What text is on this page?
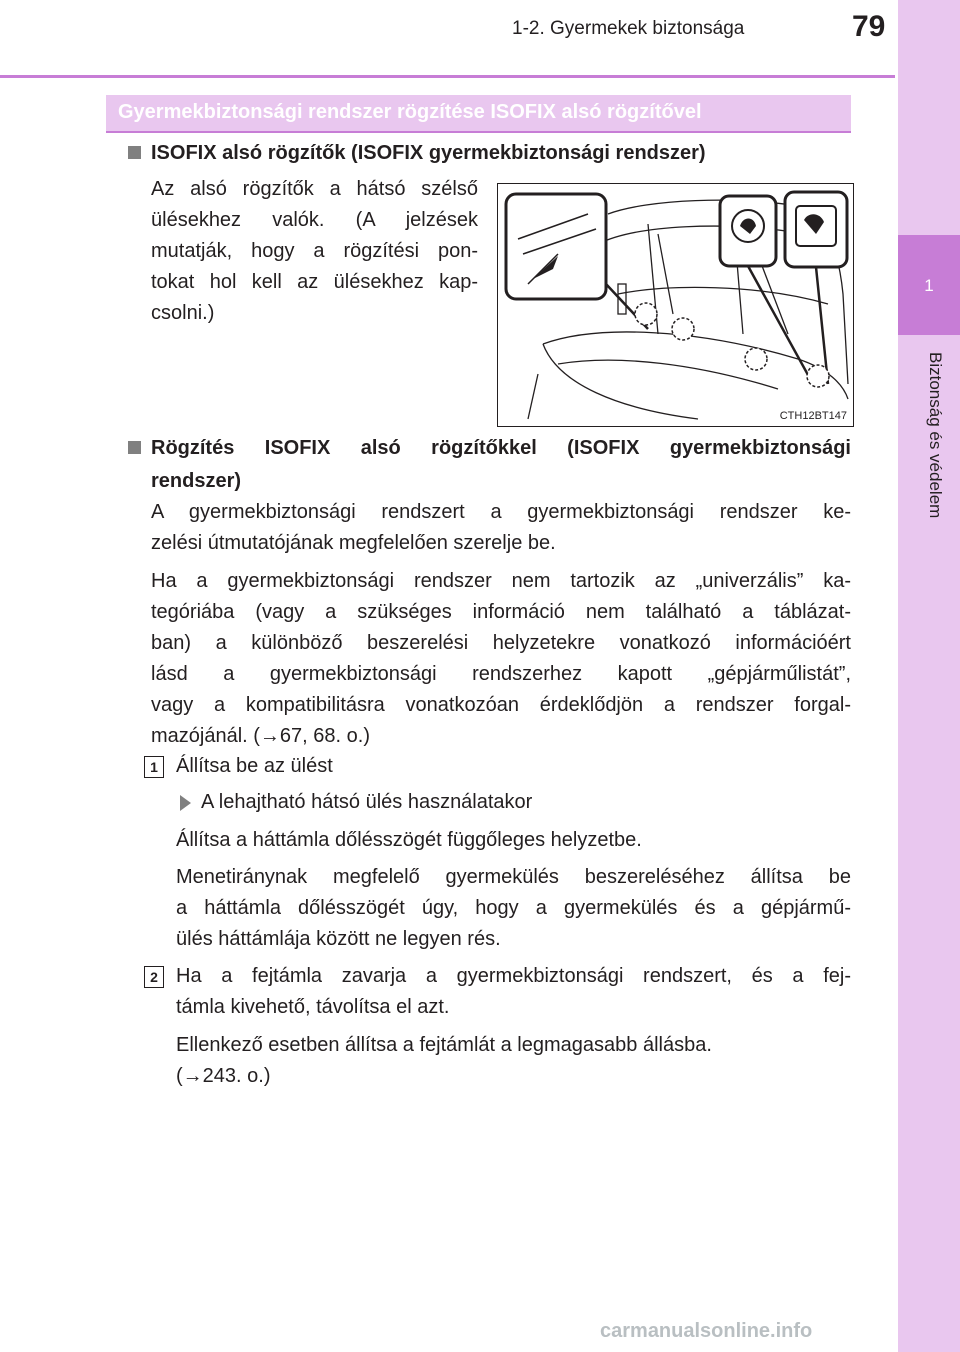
1-2. Gyermekek biztonsága	79
1
Biztonság és védelem
Gyermekbiztonsági rendszer rögzítése ISOFIX alsó rögzítővel
ISOFIX alsó rögzítők (ISOFIX gyermekbiztonsági rendszer)
Az alsó rögzítők a hátsó szélső
ülésekhez valók. (A jelzések
mutatják, hogy a rögzítési pon-
tokat hol kell az ülésekhez kap-
csolni.)
CTH12BT147
Rögzítés ISOFIX alsó rögzítőkkel (ISOFIX gyermekbiztonsági
rendszer)
A gyermekbiztonsági rendszert a gyermekbiztonsági rendszer ke-
zelési útmutatójának megfelelően szerelje be.
Ha a gyermekbiztonsági rendszer nem tartozik az „univerzális” ka-
tegóriába (vagy a szükséges információ nem található a táblázat-
ban) a különböző beszerelési helyzetekre vonatkozó információért
lásd a gyermekbiztonsági rendszerhez kapott „gépjárműlistát”,
vagy a kompatibilitásra vonatkozóan érdeklődjön a rendszer forgal-
mazójánál. (→67, 68. o.)
1 Állítsa be az ülést
A lehajtható hátsó ülés használatakor
Állítsa a háttámla dőlésszögét függőleges helyzetbe.
Menetiránynak megfelelő gyermekülés beszereléséhez állítsa be
a háttámla dőlésszögét úgy, hogy a gyermekülés és a gépjármű-
ülés háttámlája között ne legyen rés.
2 Ha a fejtámla zavarja a gyermekbiztonsági rendszert, és a fej-
támla kivehető, távolítsa el azt.
Ellenkező esetben állítsa a fejtámlát a legmagasabb állásba.
(→243. o.)
carmanualsonline.info
